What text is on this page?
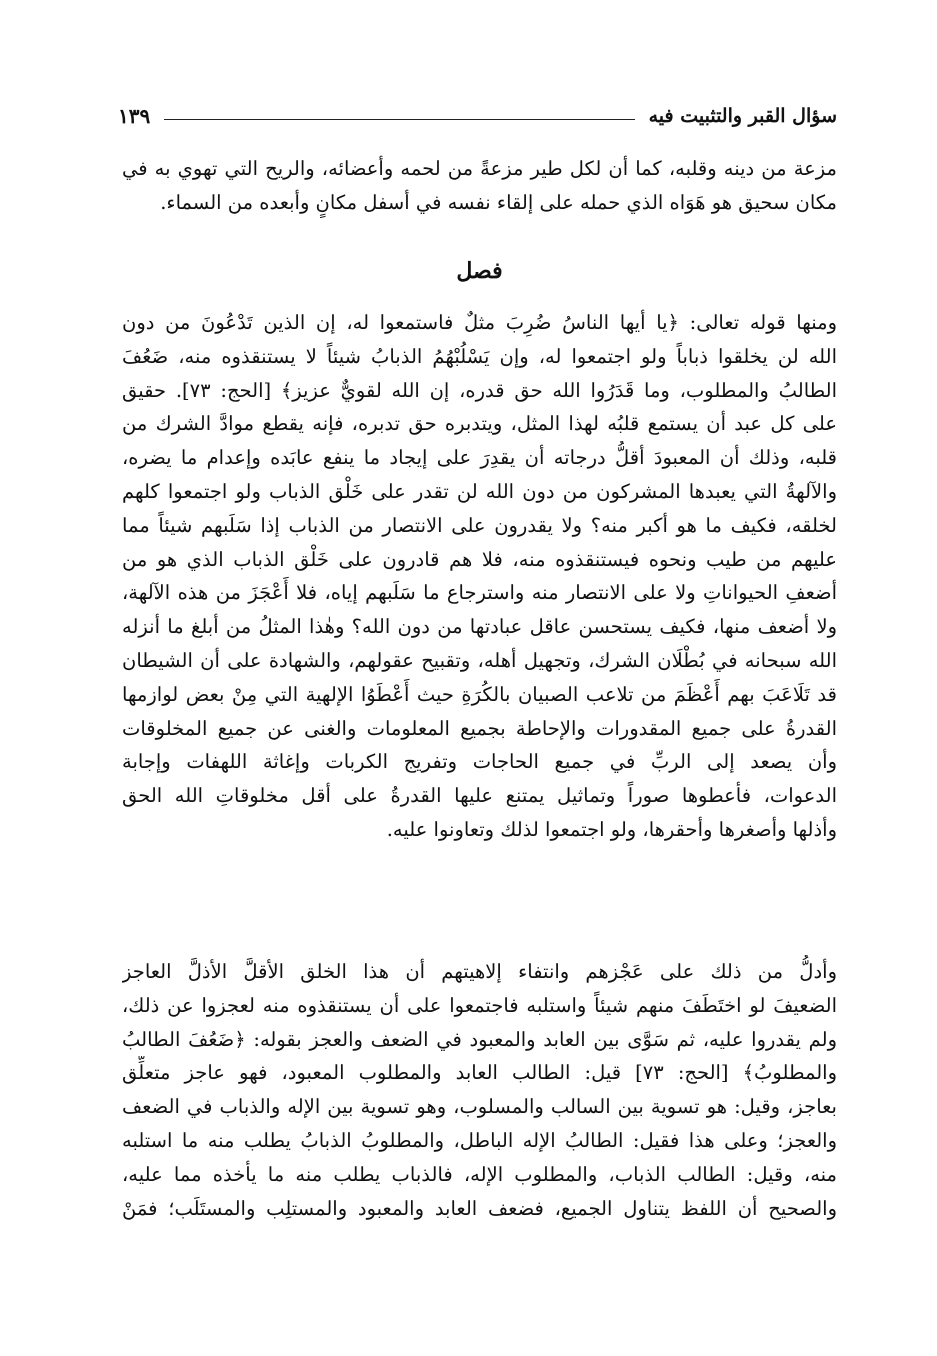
سؤال القبر والتثبيت فيه
١٣٩
مزعة من دينه وقلبه، كما أن لكل طير مزعةً من لحمه وأعضائه، والريح التي تهوي به في
مكان سحيق هو هَوَاه الذي حمله على إلقاء نفسه في أسفل مكانٍ وأبعده من السماء.
فصل
ومنها قوله تعالى: ﴿يا أيها الناسُ ضُرِبَ مثلٌ فاستمعوا له، إن الذين تَدْعُونَ من دون
الله لن يخلقوا ذباباً ولو اجتمعوا له، وإن يَسْلُبْهُمُ الذبابُ شيئاً لا يستنقذوه منه، ضَعُفَ
الطالبُ والمطلوب، وما قَدَرُوا الله حق قدره، إن الله لقويٌّ عزيز﴾ [الحج: ٧٣]. حقيق
على كل عبد أن يستمع قلبُه لهذا المثل، ويتدبره حق تدبره، فإنه يقطع موادَّ الشرك من
قلبه، وذلك أن المعبودَ أقلُّ درجاته أن يقدِرَ على إيجاد ما ينفع عابَده وإعدام ما يضره،
والآلهةُ التي يعبدها المشركون من دون الله لن تقدر على خَلْق الذباب ولو اجتمعوا كلهم
لخلقه، فكيف ما هو أكبر منه؟ ولا يقدرون على الانتصار من الذباب إذا سَلَبهم شيئاً مما
عليهم من طيب ونحوه فيستنقذوه منه، فلا هم قادرون على خَلْق الذباب الذي هو من
أضعفِ الحيواناتِ ولا على الانتصار منه واسترجاع ما سَلَبهم إياه، فلا أَعْجَزَ من هذه الآلهة،
ولا أضعف منها، فكيف يستحسن عاقل عبادتها من دون الله؟ وهٰذا المثلُ من أبلغ ما أنزله
الله سبحانه في بُطْلَان الشرك، وتجهيل أهله، وتقبيح عقولهم، والشهادة على أن الشيطان
قد تَلَاعَبَ بهم أَعْظَمَ من تلاعب الصبيان بالكُرَةِ حيث أَعْطَوُا الإلهية التي مِنْ بعض لوازمها
القدرةُ على جميع المقدورات والإحاطة بجميع المعلومات والغنى عن جميع المخلوقات
وأن يصعد إلى الربِّ في جميع الحاجات وتفريج الكربات وإغاثة اللهفات وإجابة
الدعوات، فأعطوها صوراً وتماثيل يمتنع عليها القدرةُ على أقل مخلوقاتِ الله الحق
وأذلها وأصغرها وأحقرها، ولو اجتمعوا لذلك وتعاونوا عليه.
وأدلُّ من ذلك على عَجْزهم وانتفاء إلاهيتهم أن هذا الخلق الأقلَّ الأذلَّ العاجز
الضعيفَ لو اختَطَفَ منهم شيئاً واستلبه فاجتمعوا على أن يستنقذوه منه لعجزوا عن ذلك،
ولم يقدروا عليه، ثم سَوَّى بين العابد والمعبود في الضعف والعجز بقوله: ﴿ضَعُفَ الطالبُ
والمطلوبُ﴾ [الحج: ٧٣] قيل: الطالب العابد والمطلوب المعبود، فهو عاجز متعلِّق
بعاجز، وقيل: هو تسوية بين السالب والمسلوب، وهو تسوية بين الإله والذباب في الضعف
والعجز؛ وعلى هذا فقيل: الطالبُ الإله الباطل، والمطلوبُ الذبابُ يطلب منه ما استلبه
منه، وقيل: الطالب الذباب، والمطلوب الإله، فالذباب يطلب منه ما يأخذه مما عليه،
والصحيح أن اللفظ يتناول الجميع، فضعف العابد والمعبود والمستلِب والمستَلَب؛ فمَنْ
